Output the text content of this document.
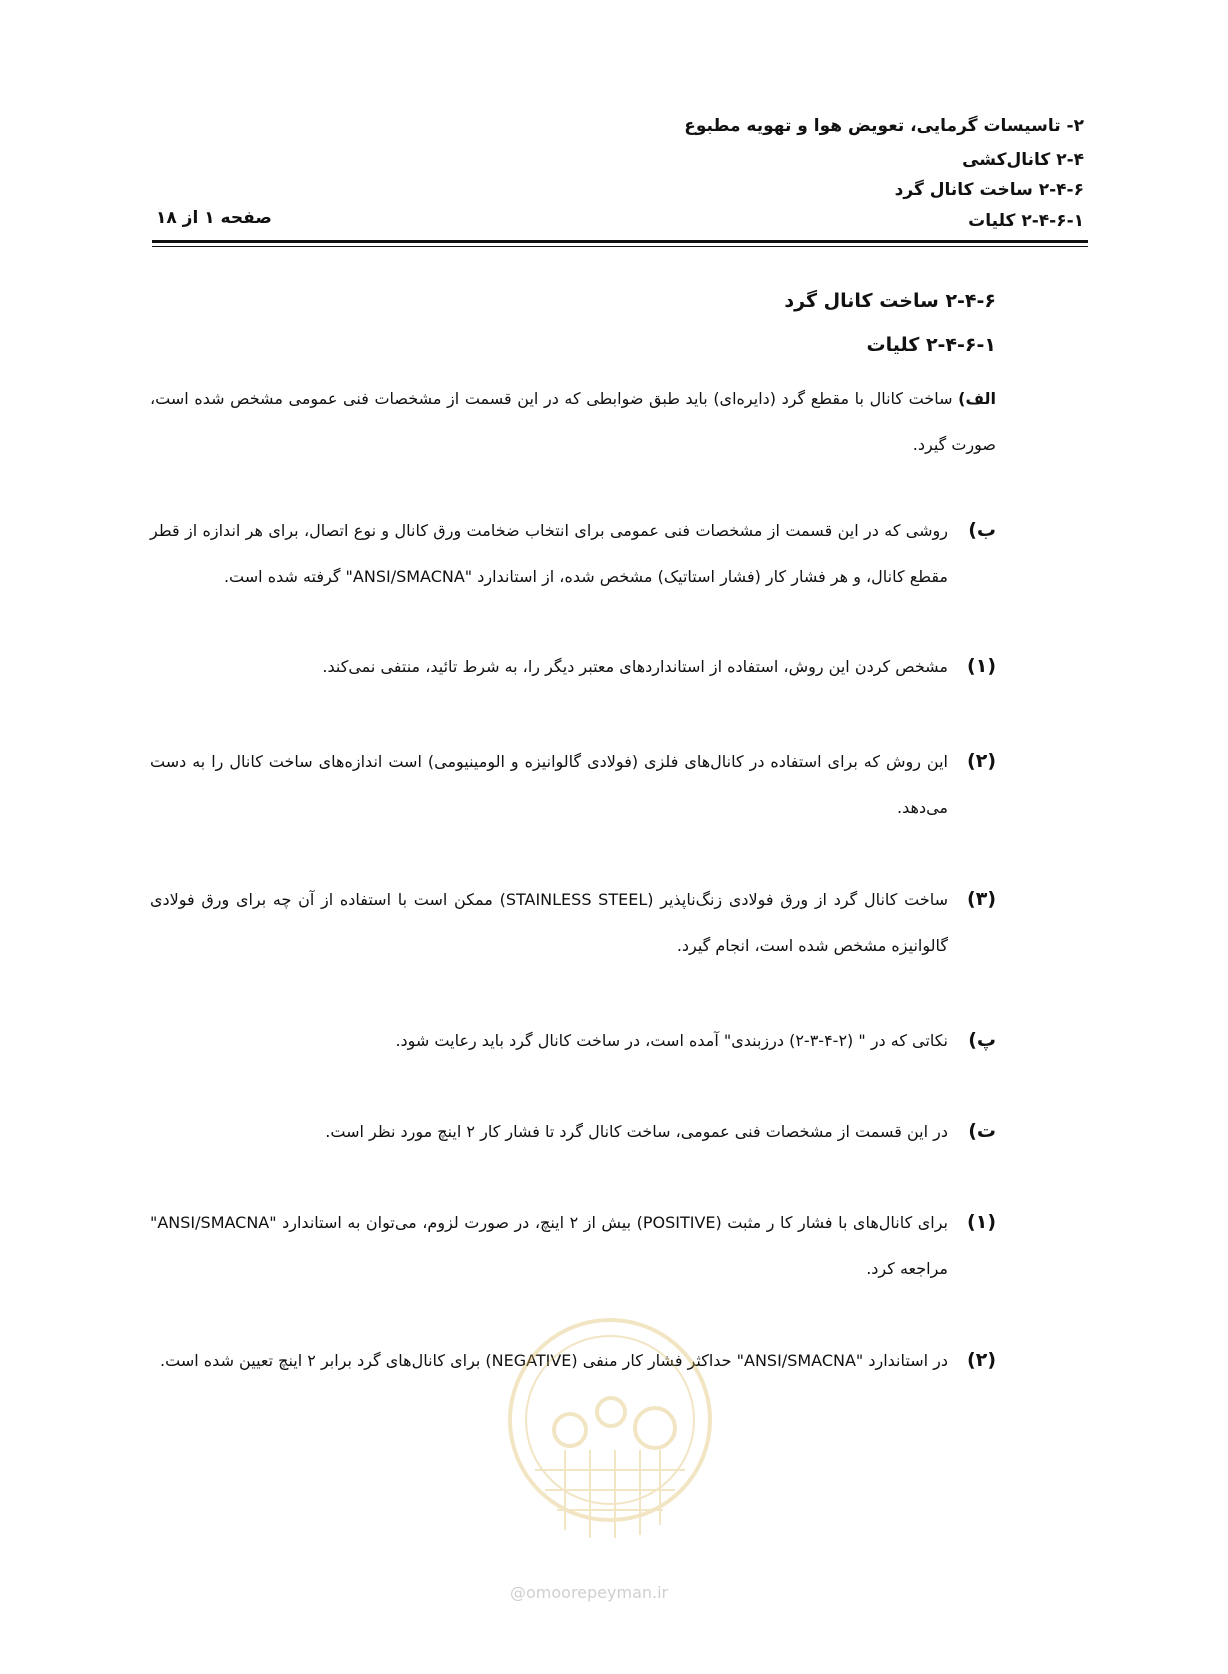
۲- تاسیسات گرمایی، تعویض هوا و تهویه مطبوع
۲-۴ کانال‌کشی
۲-۴-۶ ساخت کانال گرد
۲-۴-۶-۱ کلیات
صفحه ۱ از ۱۸
۲-۴-۶ ساخت کانال گرد
۲-۴-۶-۱ کلیات
الف) ساخت کانال با مقطع گرد (دایره‌ای) باید طبق ضوابطی که در این قسمت از مشخصات فنی عمومی مشخص شده است، صورت گیرد.
ب)
روشی که در این قسمت از مشخصات فنی عمومی برای انتخاب ضخامت ورق کانال و نوع اتصال، برای هر اندازه از قطر مقطع کانال، و هر فشار کار (فشار استاتیک) مشخص شده، از استاندارد "ANSI/SMACNA" گرفته شده است.
(۱)
مشخص کردن این روش، استفاده از استانداردهای معتبر دیگر را، به شرط تائید، منتفی نمی‌کند.
(۲)
این روش که برای استفاده در کانال‌های فلزی (فولادی گالوانیزه و الومینیومی) است اندازه‌های ساخت کانال را به دست می‌دهد.
(۳)
ساخت کانال گرد از ورق فولادی زنگ‌ناپذیر (STAINLESS STEEL) ممکن است با استفاده از آن چه برای ورق فولادی گالوانیزه مشخص شده است، انجام گیرد.
پ)
نکاتی که در " (۲-۴-۳-۲) درزبندی" آمده است، در ساخت کانال گرد باید رعایت شود.
ت)
در این قسمت از مشخصات فنی عمومی، ساخت کانال گرد تا فشار کار ۲ اینچ مورد نظر است.
(۱)
برای کانال‌های با فشار کا ر مثبت (POSITIVE) بیش از ۲ اینچ، در صورت لزوم، می‌توان به استاندارد "ANSI/SMACNA" مراجعه کرد.
(۲)
در استاندارد "ANSI/SMACNA" حداکثر فشار کار منفی (NEGATIVE) برای کانال‌های گرد برابر ۲ اینچ تعیین شده است.
@omoorepeyman.ir
